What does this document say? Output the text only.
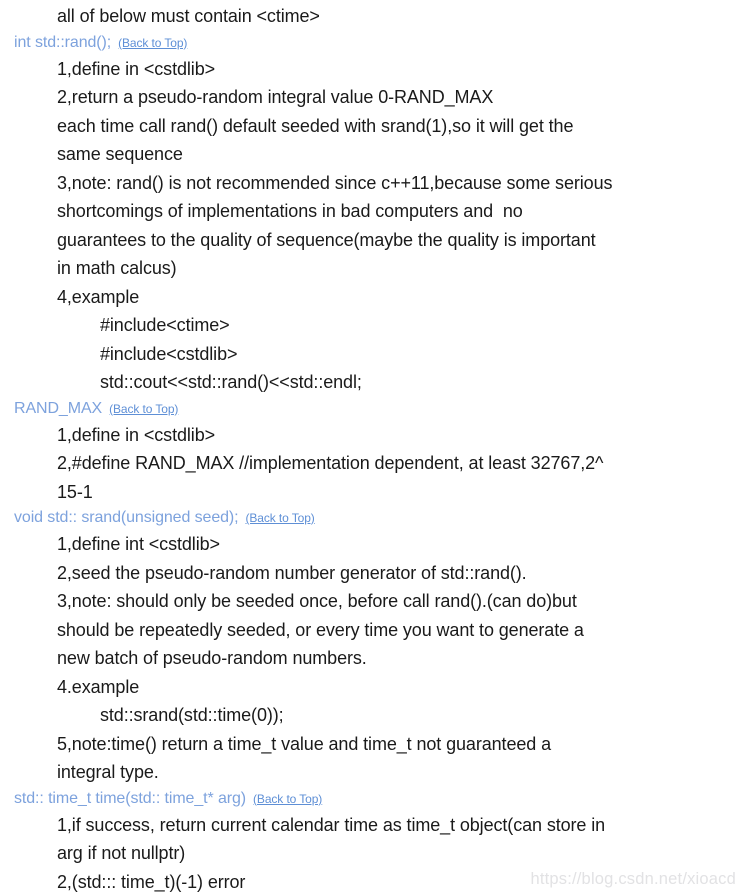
all of below must contain <ctime>
int std::rand(); (Back to Top)
1,define in <cstdlib>
2,return a pseudo-random integral value 0-RAND_MAX
each time call rand() default seeded with srand(1),so it will get the
same sequence
3,note: rand() is not recommended since c++11,because some serious
shortcomings of implementations in bad computers and  no
guarantees to the quality of sequence(maybe the quality is important
in math calcus)
4,example
#include<ctime>
#include<cstdlib>
std::cout<<std::rand()<<std::endl;
RAND_MAX (Back to Top)
1,define in <cstdlib>
2,#define RAND_MAX //implementation dependent, at least 32767,2^
15-1
void std:: srand(unsigned seed); (Back to Top)
1,define int <cstdlib>
2,seed the pseudo-random number generator of std::rand().
3,note: should only be seeded once, before call rand().(can do)but
should be repeatedly seeded, or every time you want to generate a
new batch of pseudo-random numbers.
4.example
std::srand(std::time(0));
5,note:time() return a time_t value and time_t not guaranteed a
integral type.
std:: time_t time(std:: time_t* arg) (Back to Top)
1,if success, return current calendar time as time_t object(can store in
arg if not nullptr)
2,(std::: time_t)(-1) error	https://blog.csdn.net/xioacd
